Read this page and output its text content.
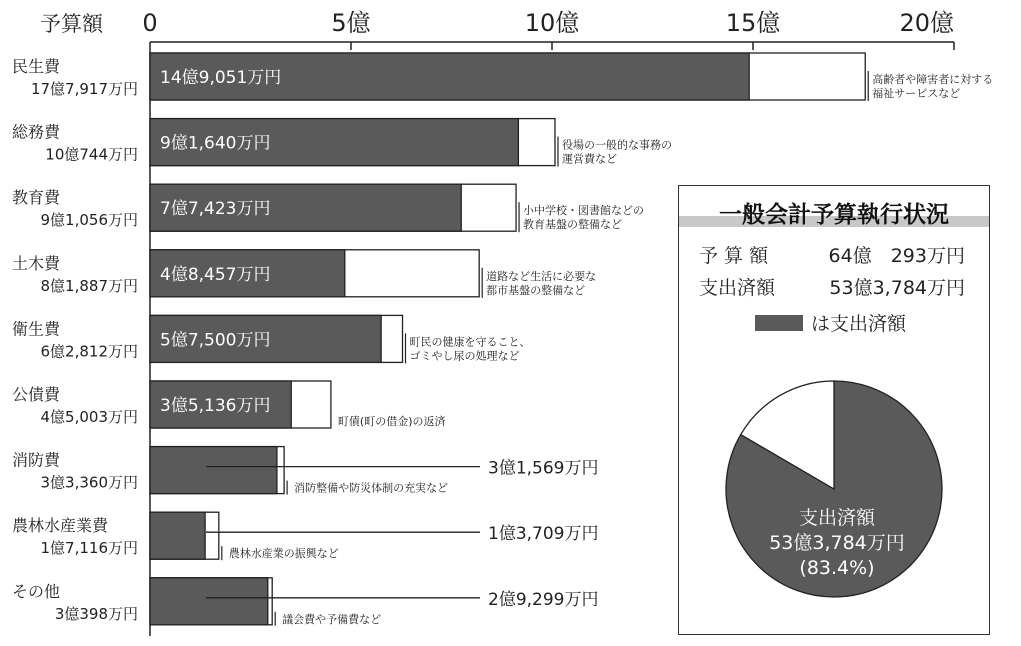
予算額 0	5億	10億	15億	20億
民生費
17億7,917万円
高齢者や障害者に対する
福祉サービスなど
14億9,051万円
総務費
10億744万円
役場の一般的な事務の
運営費など
9億1,640万円
教育費
9億1,056万円
小中学校・図書館などの
教育基盤の整備など
7億7,423万円
土木費
8億1,887万円
道路など生活に必要な
都市基盤の整備など
4億8,457万円
衛生費
6億2,812万円
町民の健康を守ること、
ゴミやし尿の処理など
5億7,500万円
公債費
4億5,003万円	町債(町の借金)の返済
3億5,136万円
消防費
3億3,360万円
3億1,569万円
消防整備や防災体制の充実など
農林水産業費
1億7,116万円
1億3,709万円
農林水産業の振興など
その他
3億398万円
2億9,299万円
議会費や予備費など
一般会計予算執行状況
予 算 額	64億　293万円
支出済額	53億3,784万円
は支出済額
支出済額
53億3,784万円
(83.4%)
